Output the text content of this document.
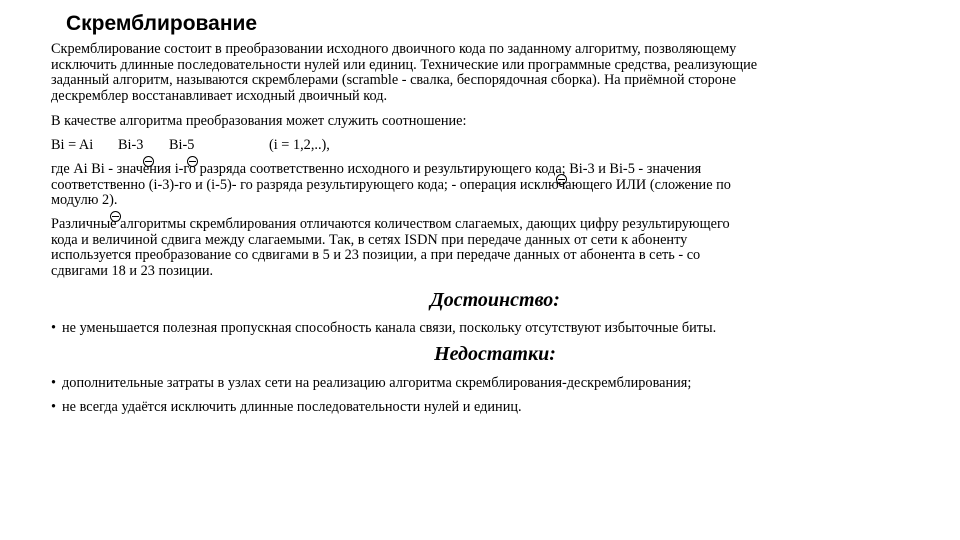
Скремблирование
Скремблирование состоит в преобразовании исходного двоичного кода по заданному алгоритму, позволяющему
исключить длинные последовательности нулей или единиц. Технические или программные средства, реализующие
заданный алгоритм, называются скремблерами (scramble - свалка, беспорядочная сборка). На приёмной стороне
дескремблер восстанавливает исходный двоичный код.
В качестве алгоритма преобразования может служить соотношение:
Bi = Ai Bi-3 Bi-5	(i = 1,2,..),
где Ai Bi - значения i-го разряда соответственно исходного и результирующего кода; Bi-3 и Bi-5 - значения
соответственно (i-3)-го и (i-5)- го разряда результирующего кода; - операция исключающего ИЛИ (сложение по
модулю 2).
Различные алгоритмы скремблирования отличаются количеством слагаемых, дающих цифру результирующего
кода и величиной сдвига между слагаемыми. Так, в сетях ISDN при передаче данных от сети к абоненту
используется преобразование со сдвигами в 5 и 23 позиции, а при передаче данных от абонента в сеть - со
сдвигами 18 и 23 позиции.
Достоинство:
• не уменьшается полезная пропускная способность канала связи, поскольку отсутствуют избыточные биты.
Недостатки:
• дополнительные затраты в узлах сети на реализацию алгоритма скремблирования-дескремблирования;
• не всегда удаётся исключить длинные последовательности нулей и единиц.
